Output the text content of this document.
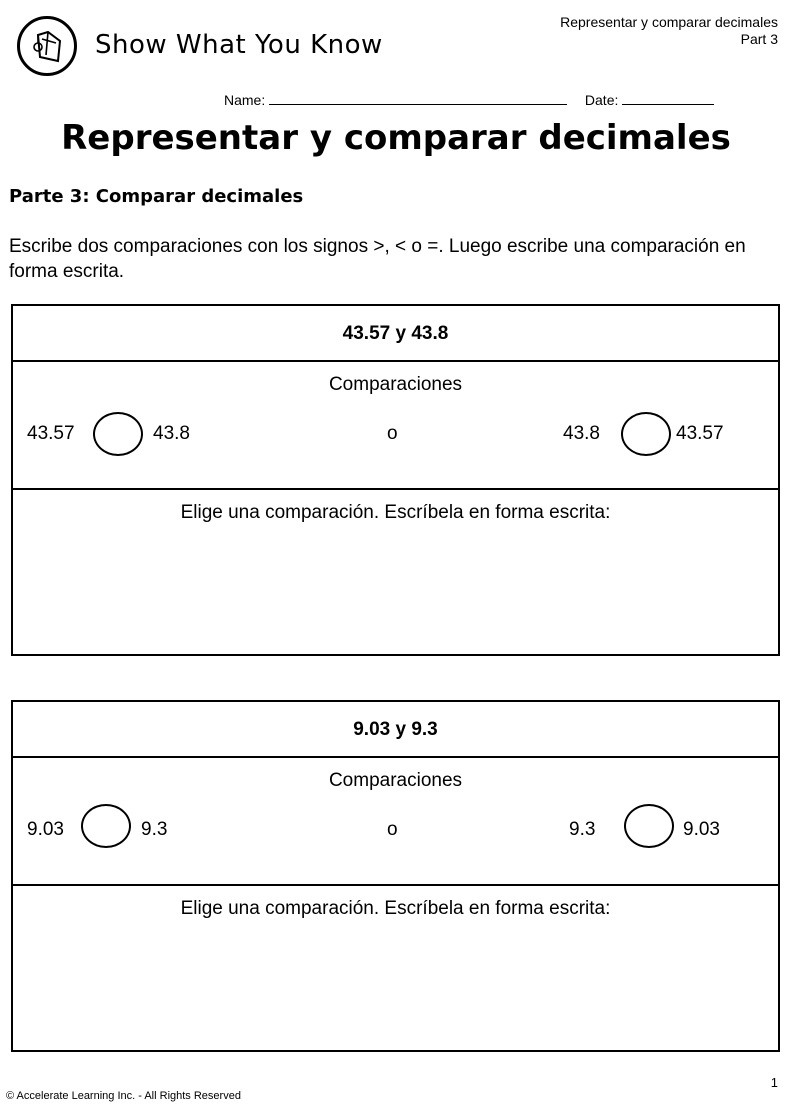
Show What You Know
Representar y comparar decimales
Part 3
Name:	Date:
Representar y comparar decimales
Parte 3: Comparar decimales
Escribe dos comparaciones con los signos >, < o =. Luego escribe una comparación en forma escrita.
43.57 y 43.8
Comparaciones
43.57	43.8	o	43.8	43.57
Elige una comparación. Escríbela en forma escrita:
9.03 y 9.3
Comparaciones
9.03	9.3	o	9.3	9.03
Elige una comparación. Escríbela en forma escrita:
1
© Accelerate Learning Inc. - All Rights Reserved
